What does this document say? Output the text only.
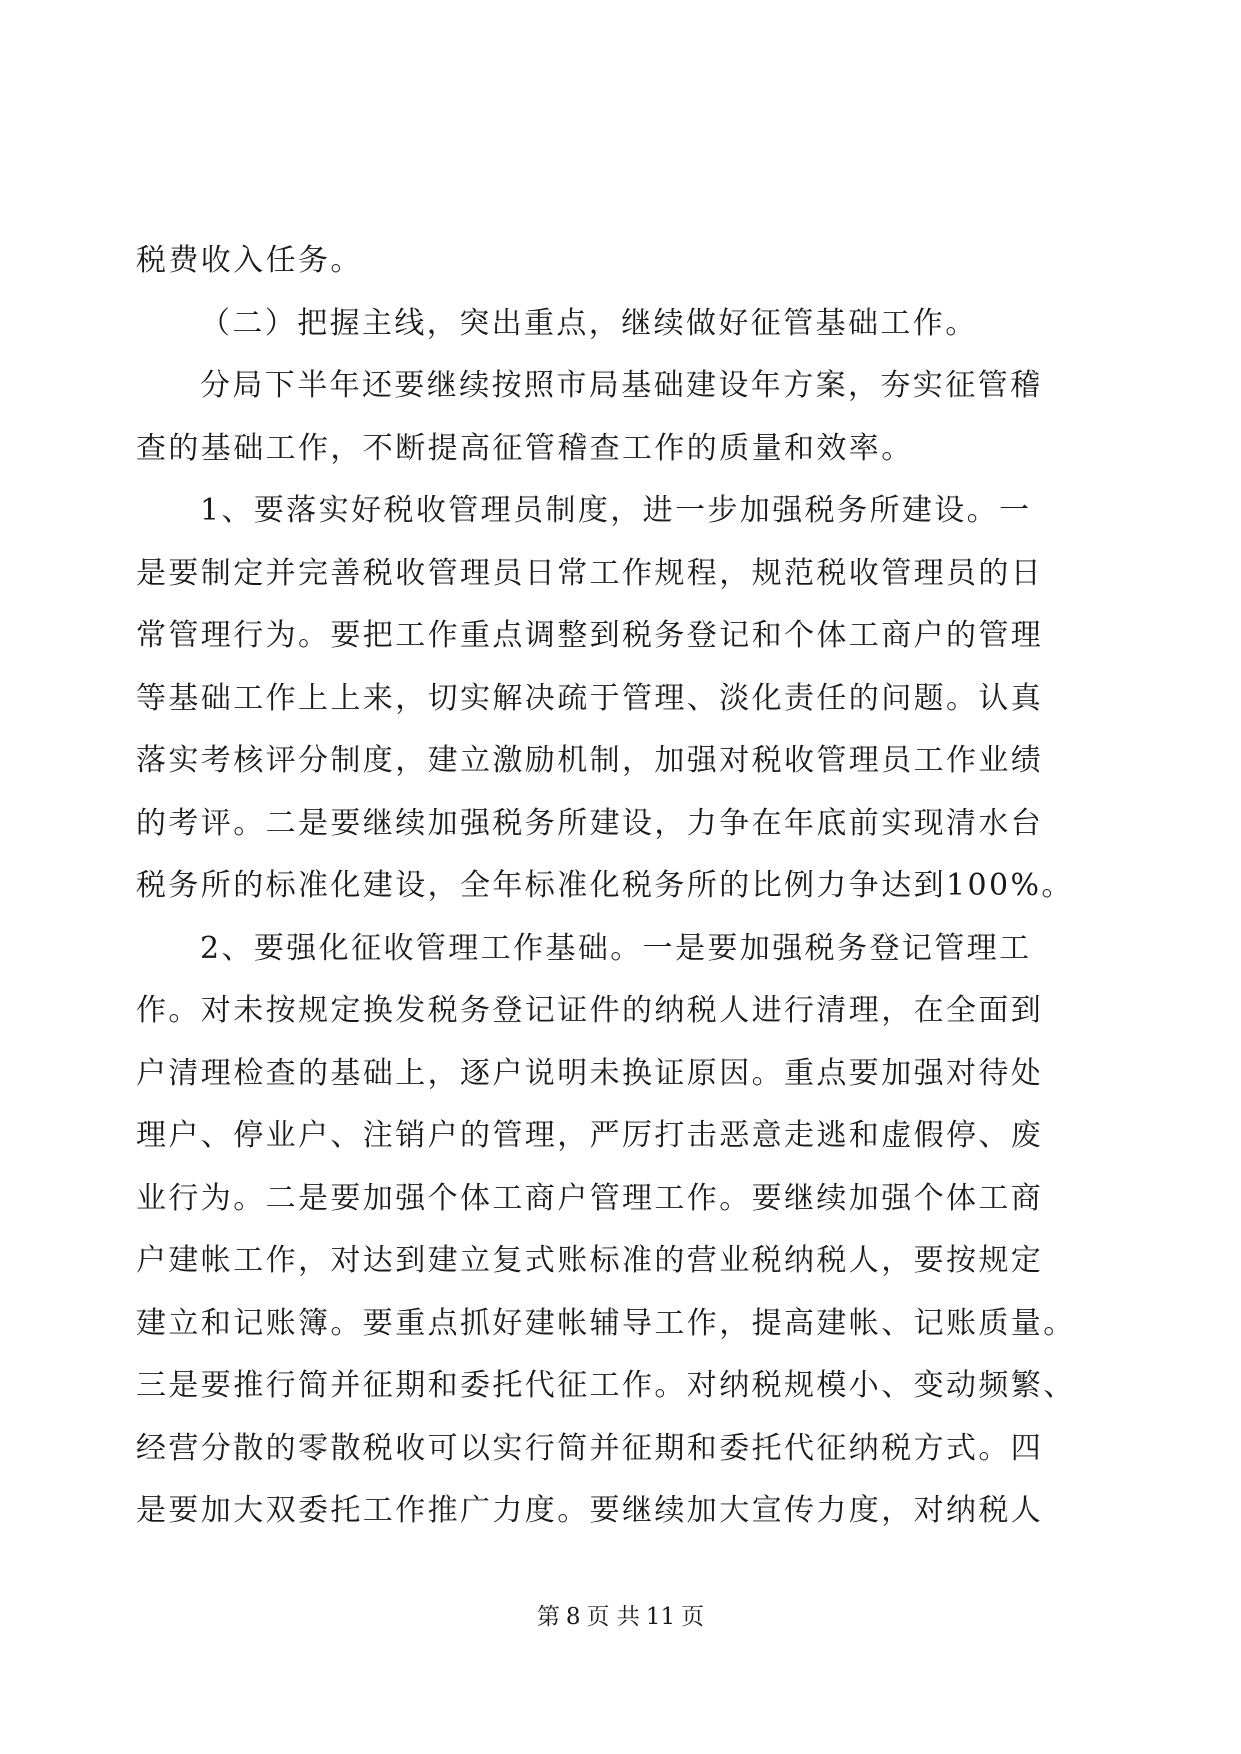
税费收入任务。
（二）把握主线，突出重点，继续做好征管基础工作。
分局下半年还要继续按照市局基础建设年方案，夯实征管稽
查的基础工作，不断提高征管稽查工作的质量和效率。
1、要落实好税收管理员制度，进一步加强税务所建设。一
是要制定并完善税收管理员日常工作规程，规范税收管理员的日
常管理行为。要把工作重点调整到税务登记和个体工商户的管理
等基础工作上上来，切实解决疏于管理、淡化责任的问题。认真
落实考核评分制度，建立激励机制，加强对税收管理员工作业绩
的考评。二是要继续加强税务所建设，力争在年底前实现清水台
税务所的标准化建设，全年标准化税务所的比例力争达到100%。
2、要强化征收管理工作基础。一是要加强税务登记管理工
作。对未按规定换发税务登记证件的纳税人进行清理，在全面到
户清理检查的基础上，逐户说明未换证原因。重点要加强对待处
理户、停业户、注销户的管理，严厉打击恶意走逃和虚假停、废
业行为。二是要加强个体工商户管理工作。要继续加强个体工商
户建帐工作，对达到建立复式账标准的营业税纳税人，要按规定
建立和记账簿。要重点抓好建帐辅导工作，提高建帐、记账质量。
三是要推行简并征期和委托代征工作。对纳税规模小、变动频繁、
经营分散的零散税收可以实行简并征期和委托代征纳税方式。四
是要加大双委托工作推广力度。要继续加大宣传力度，对纳税人
第 8 页 共 11 页
